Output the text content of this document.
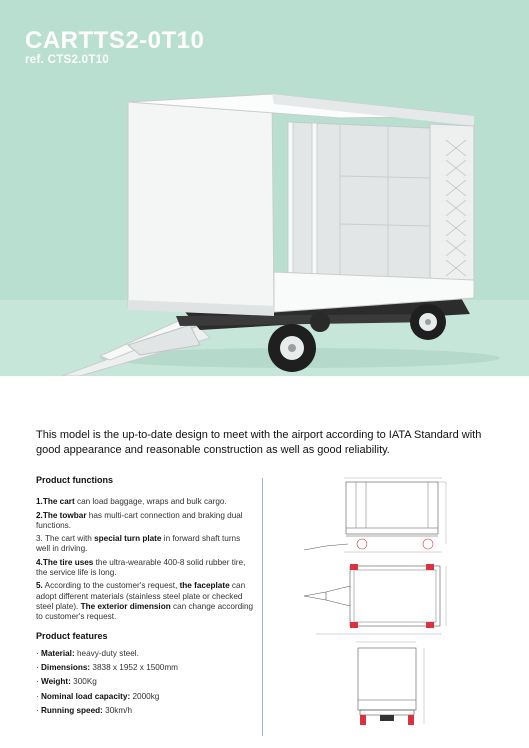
CARTTS2-0T10
ref. CTS2.0T10

This model is the up-to-date design to meet with the airport according to IATA Standard with good appearance and reasonable construction as well as good reliability.

Product functions
1.The cart can load baggage, wraps and bulk cargo.
2.The towbar has multi-cart connection and braking dual functions.
3. The cart with special turn plate in forward shaft turns well in driving.
4.The tire uses the ultra-wearable 400-8 solid rubber tire, the service life is long.
5. According to the customer's request, the faceplate can adopt different materials (stainless steel plate or checked steel plate). The exterior dimension can change according to customer's request.
Product features
· Material: heavy-duty steel.
· Dimensions: 3838 x 1952 x 1500mm
· Weight: 300Kg
· Nominal load capacity: 2000kg
· Running speed: 30km/h
